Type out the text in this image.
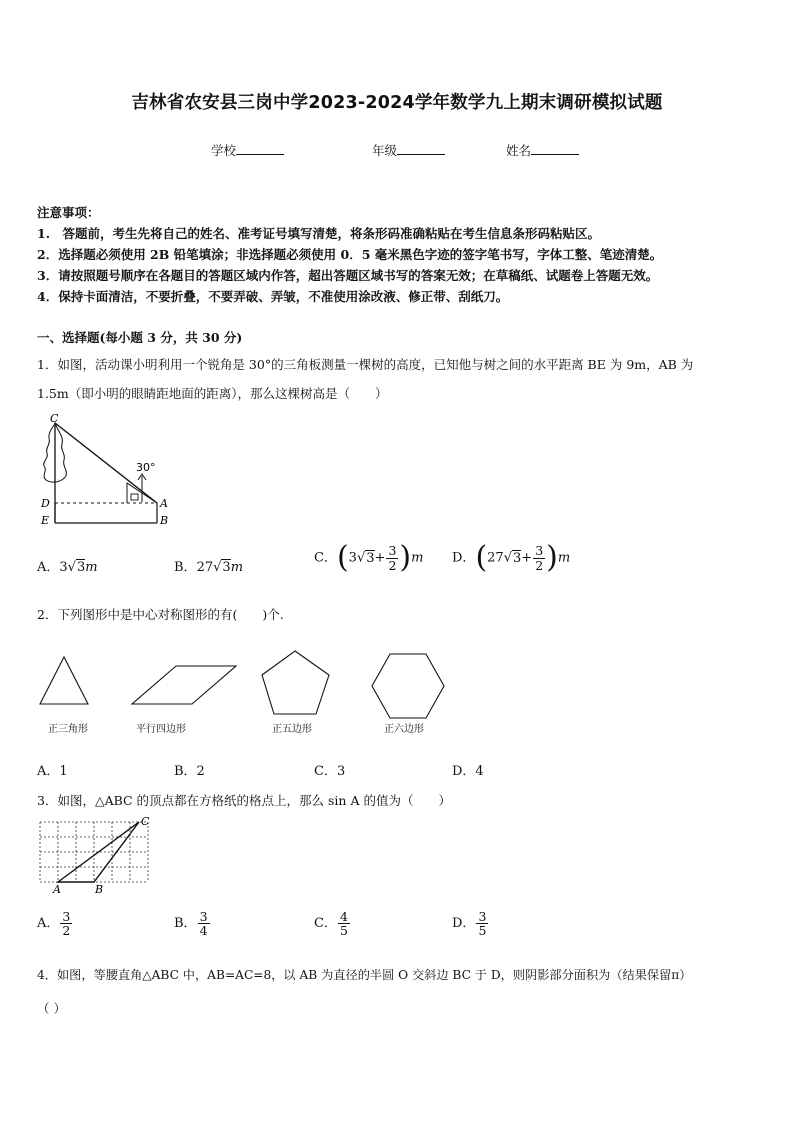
吉林省农安县三岗中学2023-2024学年数学九上期末调研模拟试题
学校	年级	姓名
注意事项：
1.　答题前，考生先将自己的姓名、准考证号填写清楚，将条形码准确粘贴在考生信息条形码粘贴区。
2．选择题必须使用 2B 铅笔填涂；非选择题必须使用 0．5 毫米黑色字迹的签字笔书写，字体工整、笔迹清楚。
3．请按照题号顺序在各题目的答题区域内作答，超出答题区域书写的答案无效；在草稿纸、试题卷上答题无效。
4．保持卡面清洁，不要折叠，不要弄破、弄皱，不准使用涂改液、修正带、刮纸刀。
一、选择题(每小题 3 分，共 30 分)
1．如图，活动课小明利用一个锐角是 30°的三角板测量一棵树的高度，已知他与树之间的水平距离 BE 为 9m，AB 为
1.5m（即小明的眼睛距地面的距离），那么这棵树高是（　　）
C
30°
D
E
A
B
A．3√3m	B．27√3m
C．$(3√3+ \frac{3}{2} )m$ D．$(27√3+ \frac{3}{2} )m$
2．下列图形中是中心对称图形的有(　　)个.
正三角形	平行四边形	正五边形	正六边形
A．1	B．2	C．3	D．4
3．如图，△ABC 的顶点都在方格纸的格点上，那么 sin A 的值为（　　）
A	B
C
A． $\frac{3}{2}$	B． $\frac{3}{4}$	C． $\frac{4}{5}$	D． $\frac{3}{5}$
4．如图，等腰直角△ABC 中，AB=AC=8，以 AB 为直径的半圆 O 交斜边 BC 于 D，则阴影部分面积为（结果保留π）
（ ）
